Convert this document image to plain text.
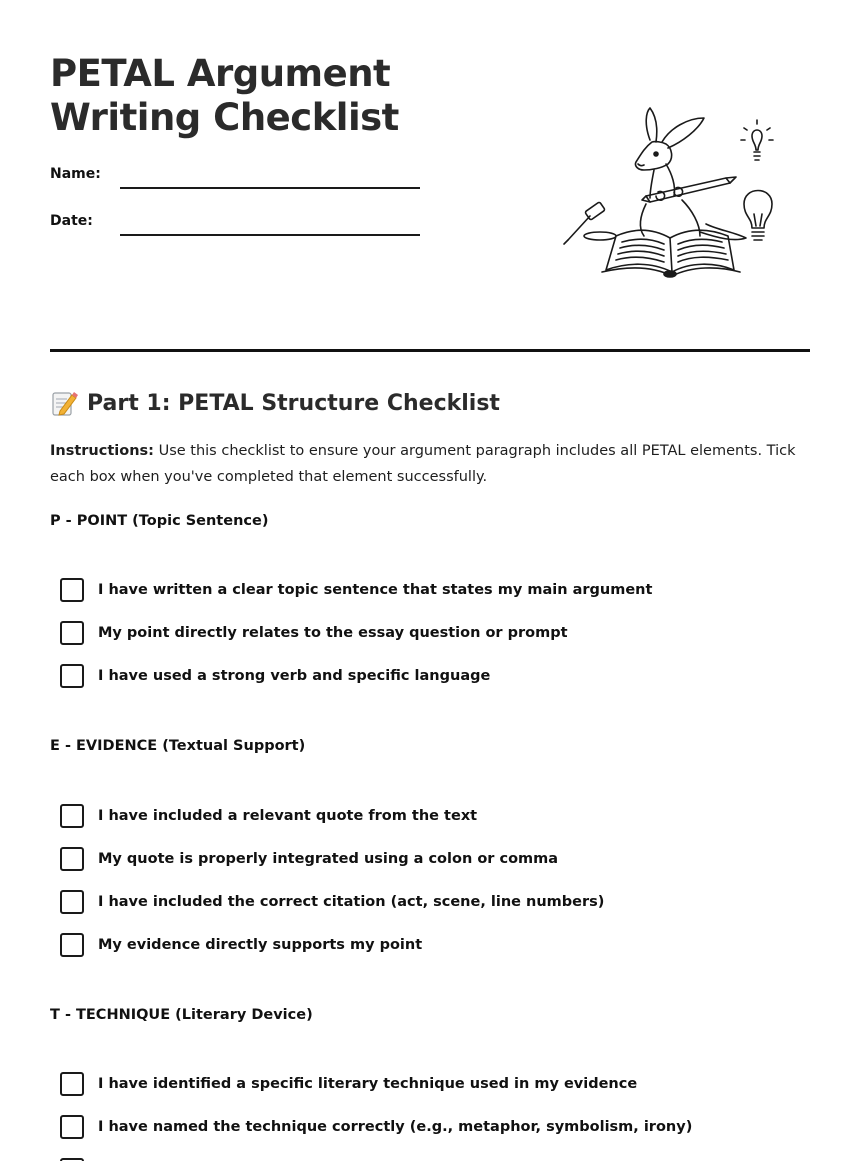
PETAL Argument
Writing Checklist
Name:
Date:
Part 1: PETAL Structure Checklist

Instructions: Use this checklist to ensure your argument paragraph includes all PETAL elements. Tick each box when you've completed that element successfully.

P - POINT (Topic Sentence)
I have written a clear topic sentence that states my main argument
My point directly relates to the essay question or prompt
I have used a strong verb and specific language
E - EVIDENCE (Textual Support)
I have included a relevant quote from the text
My quote is properly integrated using a colon or comma
I have included the correct citation (act, scene, line numbers)
My evidence directly supports my point
T - TECHNIQUE (Literary Device)
I have identified a specific literary technique used in my evidence
I have named the technique correctly (e.g., metaphor, symbolism, irony)
